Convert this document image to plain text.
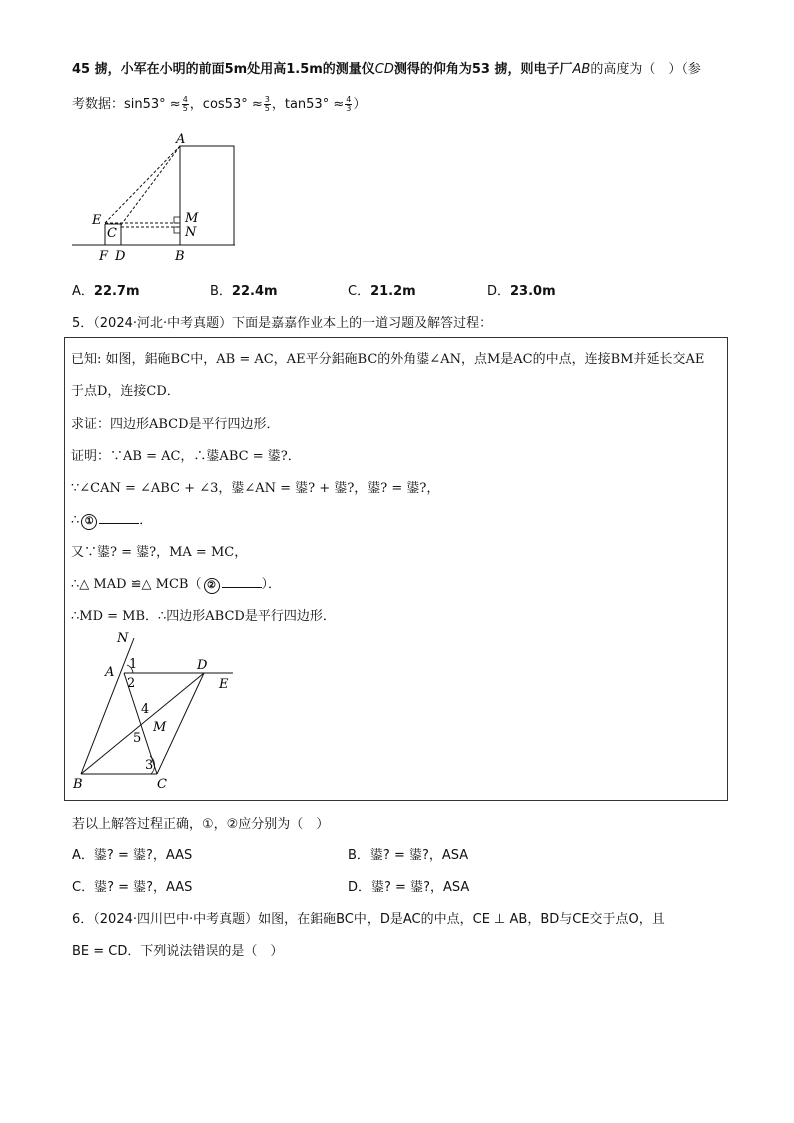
45 掳，小军在小明的前面5m处用高1.5m的测量仪CD测得的仰角为53 掳，则电子厂AB的高度为（　）（参
考数据：$\sin 53^\circ \approx \frac{4}{5}$ ，$\cos 53^\circ \approx \frac{3}{5}$ ，$\tan 53^\circ \approx \frac{4}{3}$ ）
A
E
C
M
N
F D	B
A．22.7m	B．22.4m	C．21.2m	D．23.0m
5．（2024·河北·中考真题）下面是嘉嘉作业本上的一道习题及解答过程：
已知: 如图，鈻砤BC中，AB = AC，AE平分鈻砤BC的外角鍙∠AN，点M是AC的中点，连接BM并延长交AE
于点D，连接CD．
求证：四边形ABCD是平行四边形．
证明：∵AB = AC，∴鍙ABC = 鍙?．
∵∠CAN = ∠ABC + ∠3，鍙∠AN = 鍙? + 鍙?，鍙? = 鍙?，
∴ ①	．
又∵鍙? = 鍙?，MA = MC，
∴△ MAD ≌△ MCB（ ②	）．
∴MD = MB．∴四边形ABCD是平行四边形．
N
A
1
2
D
E
4
M
5
3
B	C
若以上解答过程正确，①，②应分别为（　）
A．鍙? = 鍙?，AAS	B．鍙? = 鍙?，ASA
C．鍙? = 鍙?，AAS	D．鍙? = 鍙?，ASA
6．（2024·四川巴中·中考真题）如图，在鈻砤BC中，D是AC的中点，CE ⊥ AB，BD与CE交于点O，且
BE = CD．下列说法错误的是（　）
